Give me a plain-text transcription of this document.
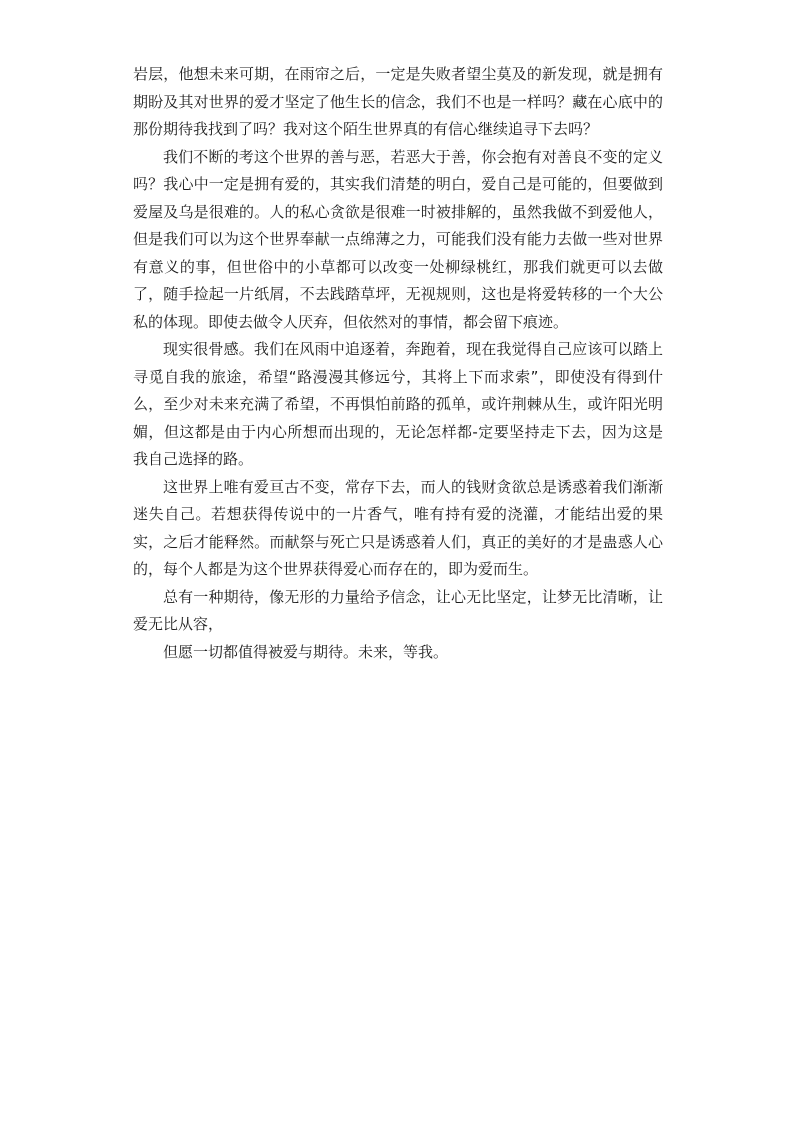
岩层，他想未来可期，在雨帘之后，一定是失败者望尘莫及的新发现，就是拥有期盼及其对世界的爱才坚定了他生长的信念，我们不也是一样吗？藏在心底中的那份期待我找到了吗？我对这个陌生世界真的有信心继续追寻下去吗？

我们不断的考这个世界的善与恶，若恶大于善，你会抱有对善良不变的定义吗？我心中一定是拥有爱的，其实我们清楚的明白，爱自己是可能的，但要做到爱屋及乌是很难的。人的私心贪欲是很难一时被排解的，虽然我做不到爱他人，但是我们可以为这个世界奉献一点绵薄之力，可能我们没有能力去做一些对世界有意义的事，但世俗中的小草都可以改变一处柳绿桃红，那我们就更可以去做了，随手捡起一片纸屑，不去践踏草坪，无视规则，这也是将爱转移的一个大公私的体现。即使去做令人厌弃，但依然对的事情，都会留下痕迹。

现实很骨感。我们在风雨中追逐着，奔跑着，现在我觉得自己应该可以踏上寻觅自我的旅途，希望“路漫漫其修远兮，其将上下而求索”，即使没有得到什么，至少对未来充满了希望，不再惧怕前路的孤单，或许荆棘从生，或许阳光明媚，但这都是由于内心所想而出现的，无论怎样都-定要坚持走下去，因为这是我自己选择的路。

这世界上唯有爱亘古不变，常存下去，而人的钱财贪欲总是诱惑着我们渐渐迷失自己。若想获得传说中的一片香气，唯有持有爱的浇灌，才能结出爱的果实，之后才能释然。而献祭与死亡只是诱惑着人们，真正的美好的才是蛊惑人心的，每个人都是为这个世界获得爱心而存在的，即为爱而生。

总有一种期待，像无形的力量给予信念，让心无比坚定，让梦无比清晰，让爱无比从容，

但愿一切都值得被爱与期待。未来，等我。
